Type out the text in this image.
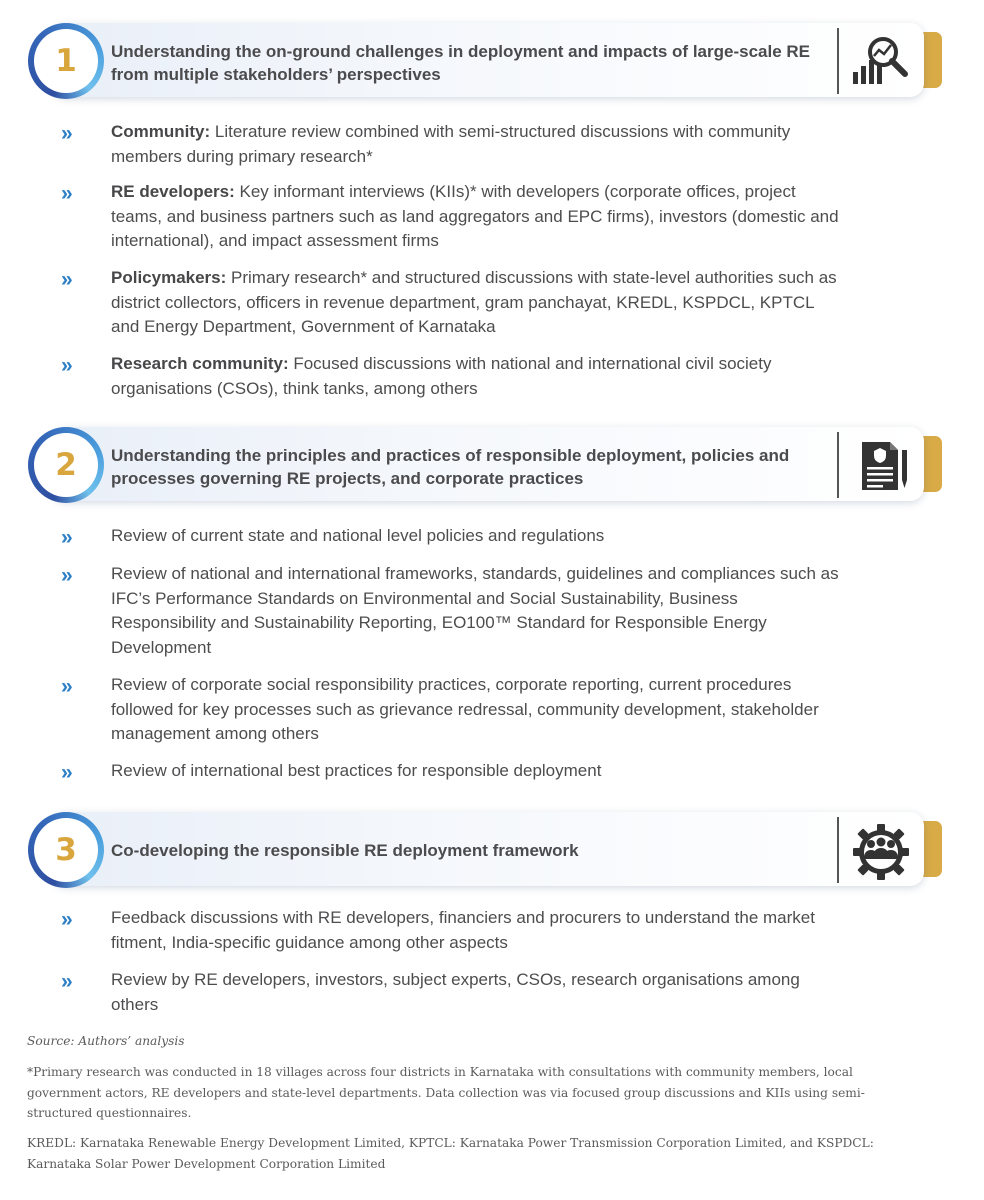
1 Understanding the on-ground challenges in deployment and impacts of large-scale RE from multiple stakeholders’ perspectives
» Community: Literature review combined with semi-structured discussions with community members during primary research*
» RE developers: Key informant interviews (KIIs)* with developers (corporate offices, project teams, and business partners such as land aggregators and EPC firms), investors (domestic and international), and impact assessment firms
» Policymakers: Primary research* and structured discussions with state-level authorities such as district collectors, officers in revenue department, gram panchayat, KREDL, KSPDCL, KPTCL and Energy Department, Government of Karnataka
» Research community: Focused discussions with national and international civil society organisations (CSOs), think tanks, among others
2 Understanding the principles and practices of responsible deployment, policies and processes governing RE projects, and corporate practices
» Review of current state and national level policies and regulations
» Review of national and international frameworks, standards, guidelines and compliances such as IFC’s Performance Standards on Environmental and Social Sustainability, Business Responsibility and Sustainability Reporting, EO100™ Standard for Responsible Energy Development
» Review of corporate social responsibility practices, corporate reporting, current procedures followed for key processes such as grievance redressal, community development, stakeholder management among others
» Review of international best practices for responsible deployment
3 Co-developing the responsible RE deployment framework
» Feedback discussions with RE developers, financiers and procurers to understand the market fitment, India-specific guidance among other aspects
» Review by RE developers, investors, subject experts, CSOs, research organisations among others
Source: Authors’ analysis
*Primary research was conducted in 18 villages across four districts in Karnataka with consultations with community members, local government actors, RE developers and state-level departments. Data collection was via focused group discussions and KIIs using semi-structured questionnaires.
KREDL: Karnataka Renewable Energy Development Limited, KPTCL: Karnataka Power Transmission Corporation Limited, and KSPDCL: Karnataka Solar Power Development Corporation Limited
